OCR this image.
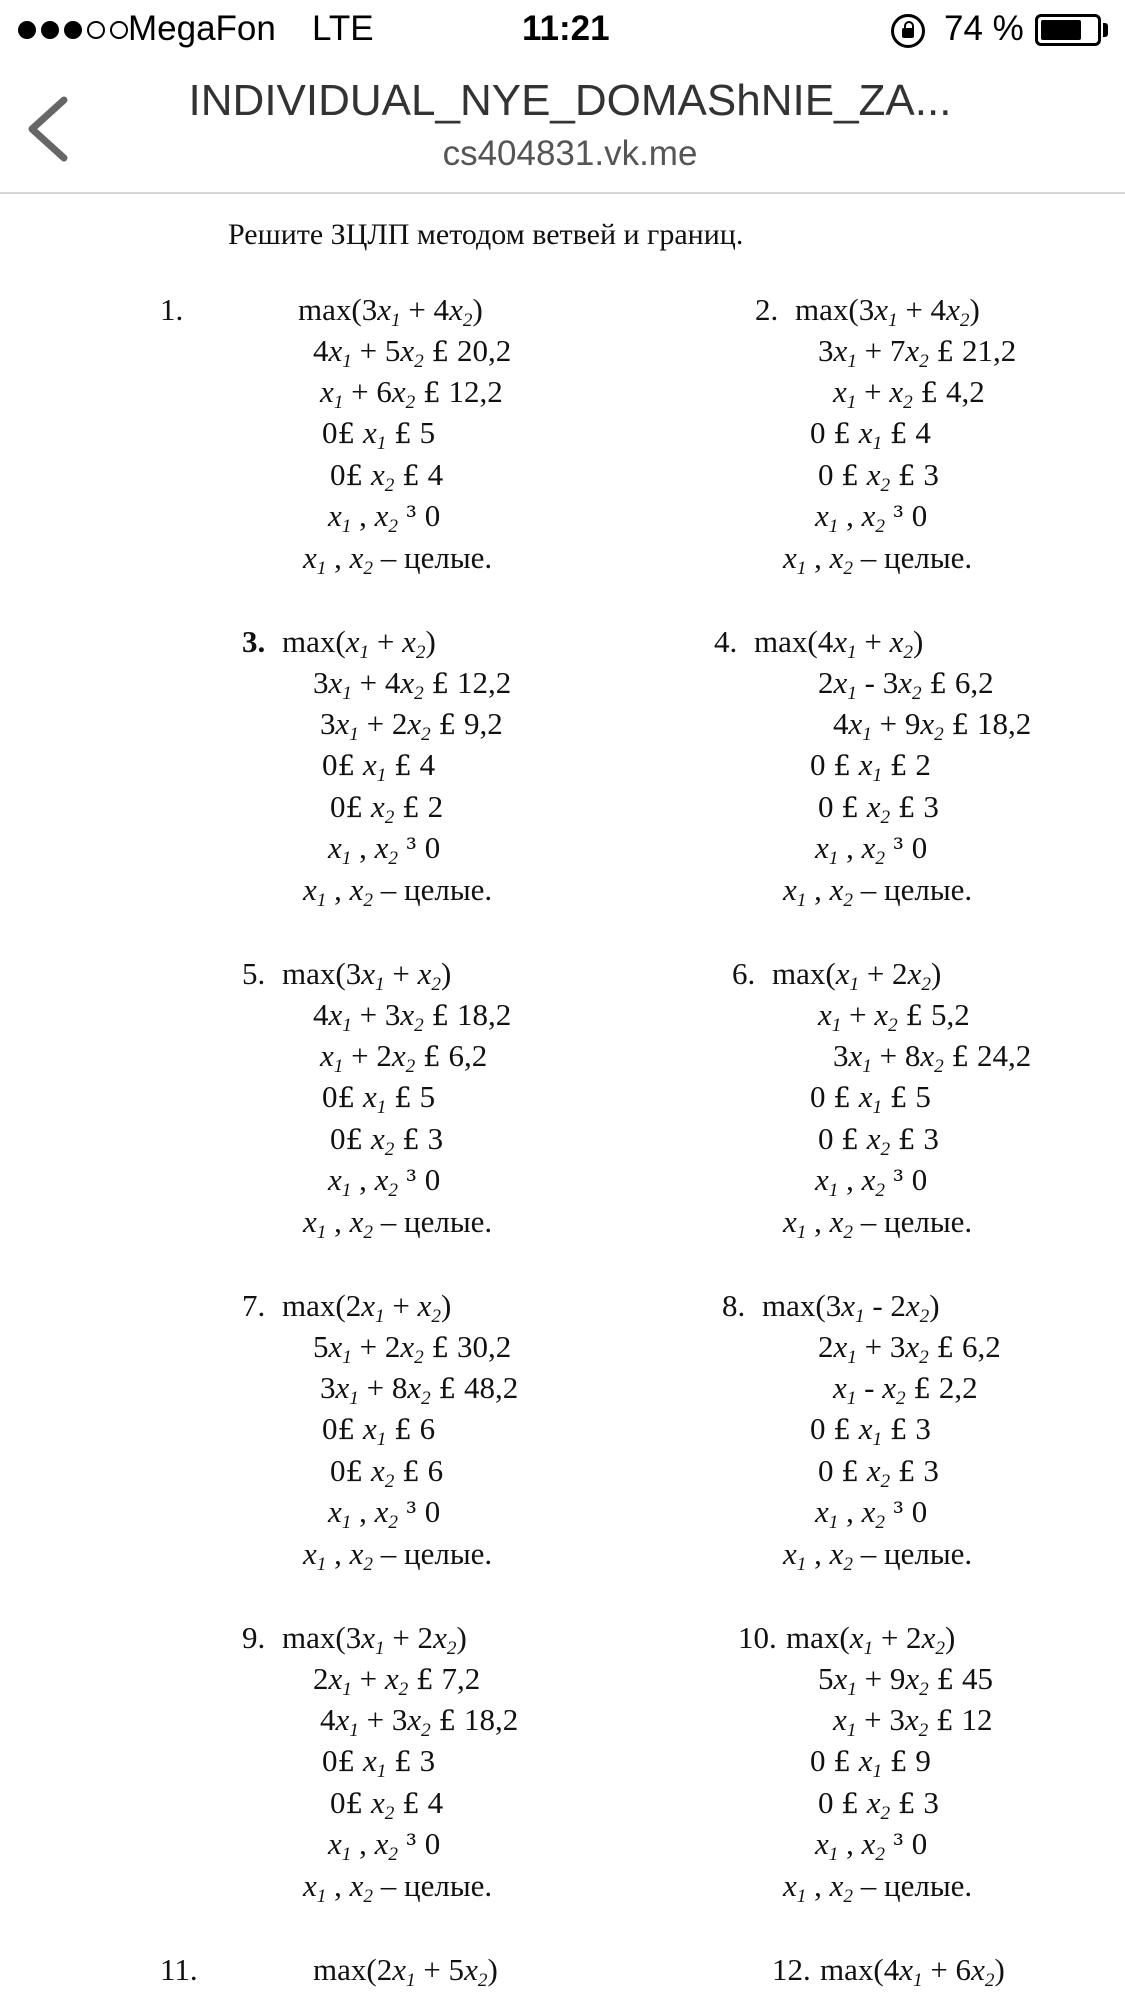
MegaFon LTE	11:21	74 %
INDIVIDUAL_NYE_DOMAShNIE_ZA...
cs404831.vk.me
Решите ЗЦЛП методом ветвей и границ.
1.	$\max(3x_1 + 4x_2)$
$4x_1 + 5x_2$ £ 20,2
$x_1 + 6x_2$ £ 12,2
0£ $x_1$ £ 5
0£ $x_2$ £ 4
$x_1$ , $x_2$ ³ 0
$x_1$ , $x_2$ – целые.
2. $\max(3x_1 + 4x_2)$
$3x_1 + 7x_2$ £ 21,2
$x_1 + x_2$ £ 4,2
0 £ $x_1$ £ 4
0 £ $x_2$ £ 3
$x_1$ , $x_2$ ³ 0
$x_1$ , $x_2$ – целые.
3. $\max(x_1 + x_2)$
$3x_1 + 4x_2$ £ 12,2
$3x_1 + 2x_2$ £ 9,2
0£ $x_1$ £ 4
0£ $x_2$ £ 2
$x_1$ , $x_2$ ³ 0
$x_1$ , $x_2$ – целые.
4. $\max(4x_1 + x_2)$
$2x_1 - 3x_2$ £ 6,2
$4x_1 + 9x_2$ £ 18,2
0 £ $x_1$ £ 2
0 £ $x_2$ £ 3
$x_1$ , $x_2$ ³ 0
$x_1$ , $x_2$ – целые.
5. $\max(3x_1 + x_2)$
$4x_1 + 3x_2$ £ 18,2
$x_1 + 2x_2$ £ 6,2
0£ $x_1$ £ 5
0£ $x_2$ £ 3
$x_1$ , $x_2$ ³ 0
$x_1$ , $x_2$ – целые.
6. $\max(x_1 + 2x_2)$
$x_1 + x_2$ £ 5,2
$3x_1 + 8x_2$ £ 24,2
0 £ $x_1$ £ 5
0 £ $x_2$ £ 3
$x_1$ , $x_2$ ³ 0
$x_1$ , $x_2$ – целые.
7. $\max(2x_1 + x_2)$
$5x_1 + 2x_2$ £ 30,2
$3x_1 + 8x_2$ £ 48,2
0£ $x_1$ £ 6
0£ $x_2$ £ 6
$x_1$ , $x_2$ ³ 0
$x_1$ , $x_2$ – целые.
8. $\max(3x_1 - 2x_2)$
$2x_1 + 3x_2$ £ 6,2
$x_1 - x_2$ £ 2,2
0 £ $x_1$ £ 3
0 £ $x_2$ £ 3
$x_1$ , $x_2$ ³ 0
$x_1$ , $x_2$ – целые.
9. $\max(3x_1 + 2x_2)$
$2x_1 + x_2$ £ 7,2
$4x_1 + 3x_2$ £ 18,2
0£ $x_1$ £ 3
0£ $x_2$ £ 4
$x_1$ , $x_2$ ³ 0
$x_1$ , $x_2$ – целые.
10. $\max(x_1 + 2x_2)$
$5x_1 + 9x_2$ £ 45
$x_1 + 3x_2$ £ 12
0 £ $x_1$ £ 9
0 £ $x_2$ £ 3
$x_1$ , $x_2$ ³ 0
$x_1$ , $x_2$ – целые.
11.	$\max(2x_1 + 5x_2)$	12. $\max(4x_1 + 6x_2)$
